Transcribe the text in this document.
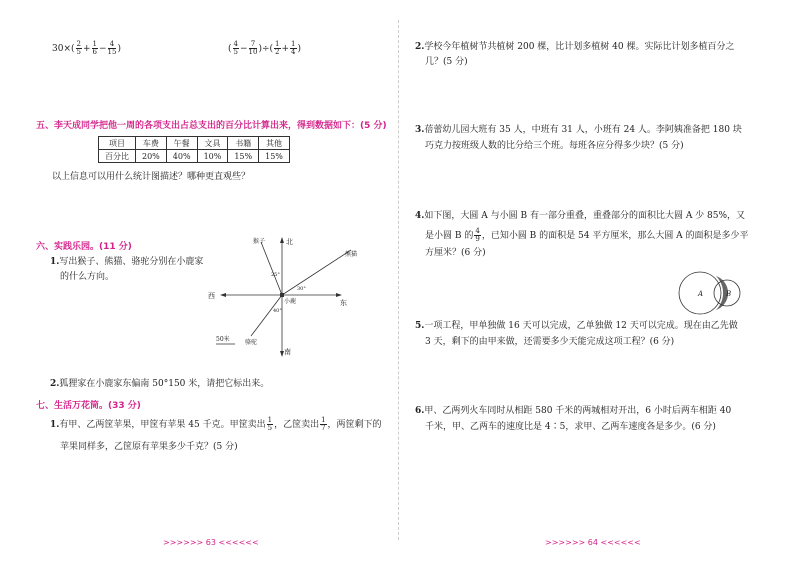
$30\times( \frac{2}{5} + \frac{1}{6} - \frac{4}{15}$ )	( $\frac{4}{5} - \frac{7}{10}$ )÷( $\frac{1}{2} + \frac{1}{4}$ )
五、李天成同学把他一周的各项支出占总支出的百分比计算出来，得到数据如下：(5 分)
项目	车费	午餐	文具	书籍	其他
百分比	20%	40%	10%	15%	15%
以上信息可以用什么统计图描述？哪种更直观些？
六、实践乐园。(11 分)
1.写出猴子、熊猫、骆驼分别在小鹿家
的什么方向。
北
南
东
西
猴子
熊猫
骆驼
小鹿
25°
30°
40°
50米
2.狐狸家在小鹿家东偏南 50°150 米，请把它标出来。
七、生活万花筒。(33 分)
1.有甲、乙两筐苹果，甲筐有苹果 45 千克。甲筐卖出 $\frac{1}{5}$ ，乙筐卖出 $\frac{1}{7}$ ，两筐剩下的
苹果同样多，乙筐原有苹果多少千克？(5 分)
>>>>>> 63 <<<<<<
2.学校今年植树节共植树 200 棵，比计划多植树 40 棵。实际比计划多植百分之
几？(5 分)
3.蓓蕾幼儿园大班有 35 人，中班有 31 人，小班有 24 人。李阿姨准备把 180 块
巧克力按班级人数的比分给三个班。每班各应分得多少块？(5 分)
4.如下图，大圆 A 与小圆 B 有一部分重叠，重叠部分的面积比大圆 A 少 85%，又
是小圆 B 的 $\frac{4}{9}$ ，已知小圆 B 的面积是 54 平方厘米，那么大圆 A 的面积是多少平
方厘米？(6 分)
A	B
5.一项工程，甲单独做 16 天可以完成，乙单独做 12 天可以完成。现在由乙先做
3 天，剩下的由甲来做，还需要多少天能完成这项工程？(6 分)
6.甲、乙两列火车同时从相距 580 千米的两城相对开出，6 小时后两车相距 40
千米，甲、乙两车的速度比是 4∶5，求甲、乙两车速度各是多少。(6 分)
>>>>>> 64 <<<<<<
